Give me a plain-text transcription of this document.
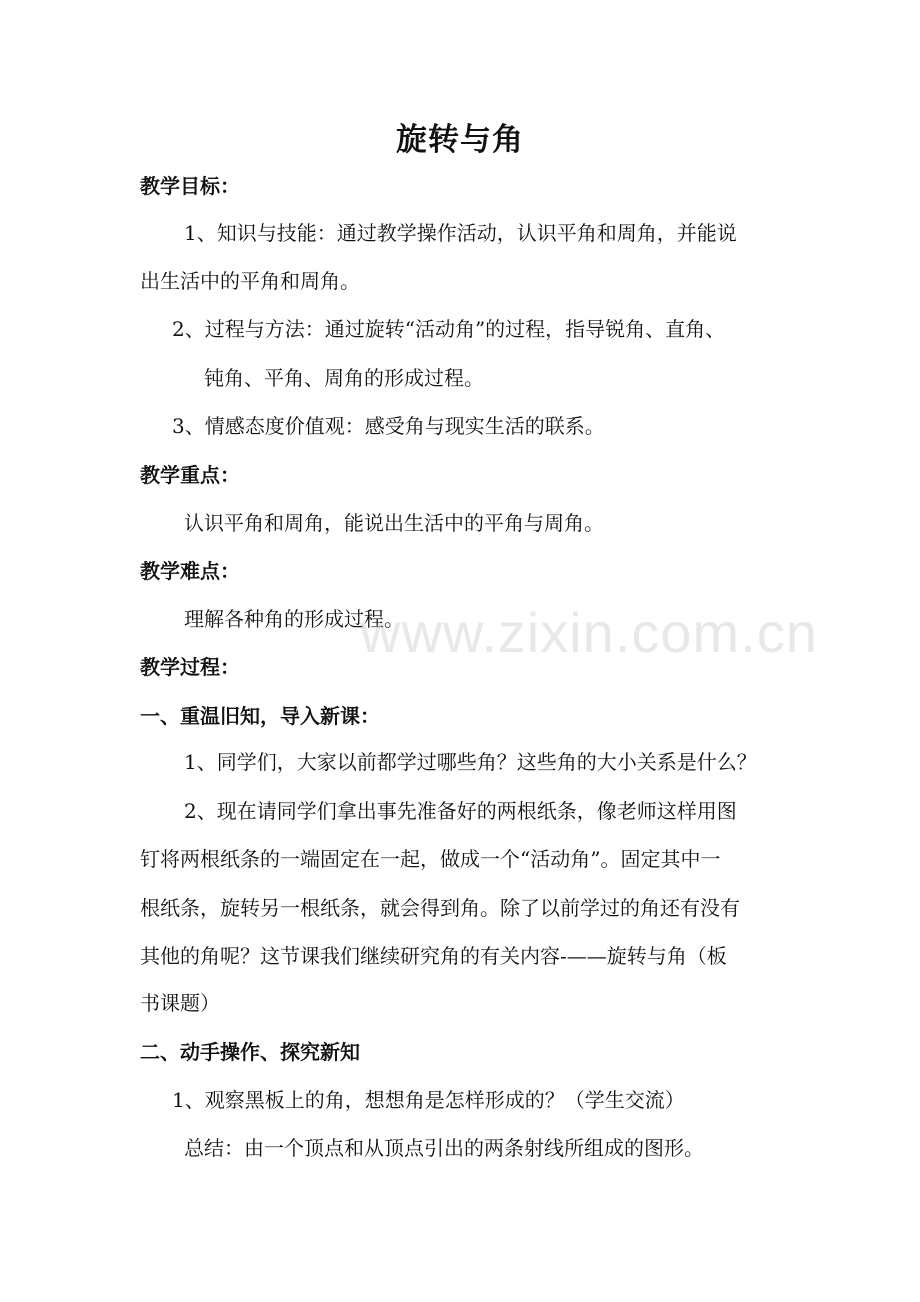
旋转与角
教学目标：
1、知识与技能：通过教学操作活动，认识平角和周角，并能说
出生活中的平角和周角。
2、过程与方法：通过旋转“活动角”的过程，指导锐角、直角、
钝角、平角、周角的形成过程。
3、情感态度价值观：感受角与现实生活的联系。
教学重点：
认识平角和周角，能说出生活中的平角与周角。
教学难点：
理解各种角的形成过程。
教学过程：
一、重温旧知，导入新课：
1、同学们，大家以前都学过哪些角？这些角的大小关系是什么？
2、现在请同学们拿出事先准备好的两根纸条，像老师这样用图
钉将两根纸条的一端固定在一起，做成一个“活动角”。固定其中一
根纸条，旋转另一根纸条，就会得到角。除了以前学过的角还有没有
其他的角呢？这节课我们继续研究角的有关内容-——旋转与角（板
书课题）
二、动手操作、探究新知
1、观察黑板上的角，想想角是怎样形成的？（学生交流）
总结：由一个顶点和从顶点引出的两条射线所组成的图形。
www.zixin.com.cn
